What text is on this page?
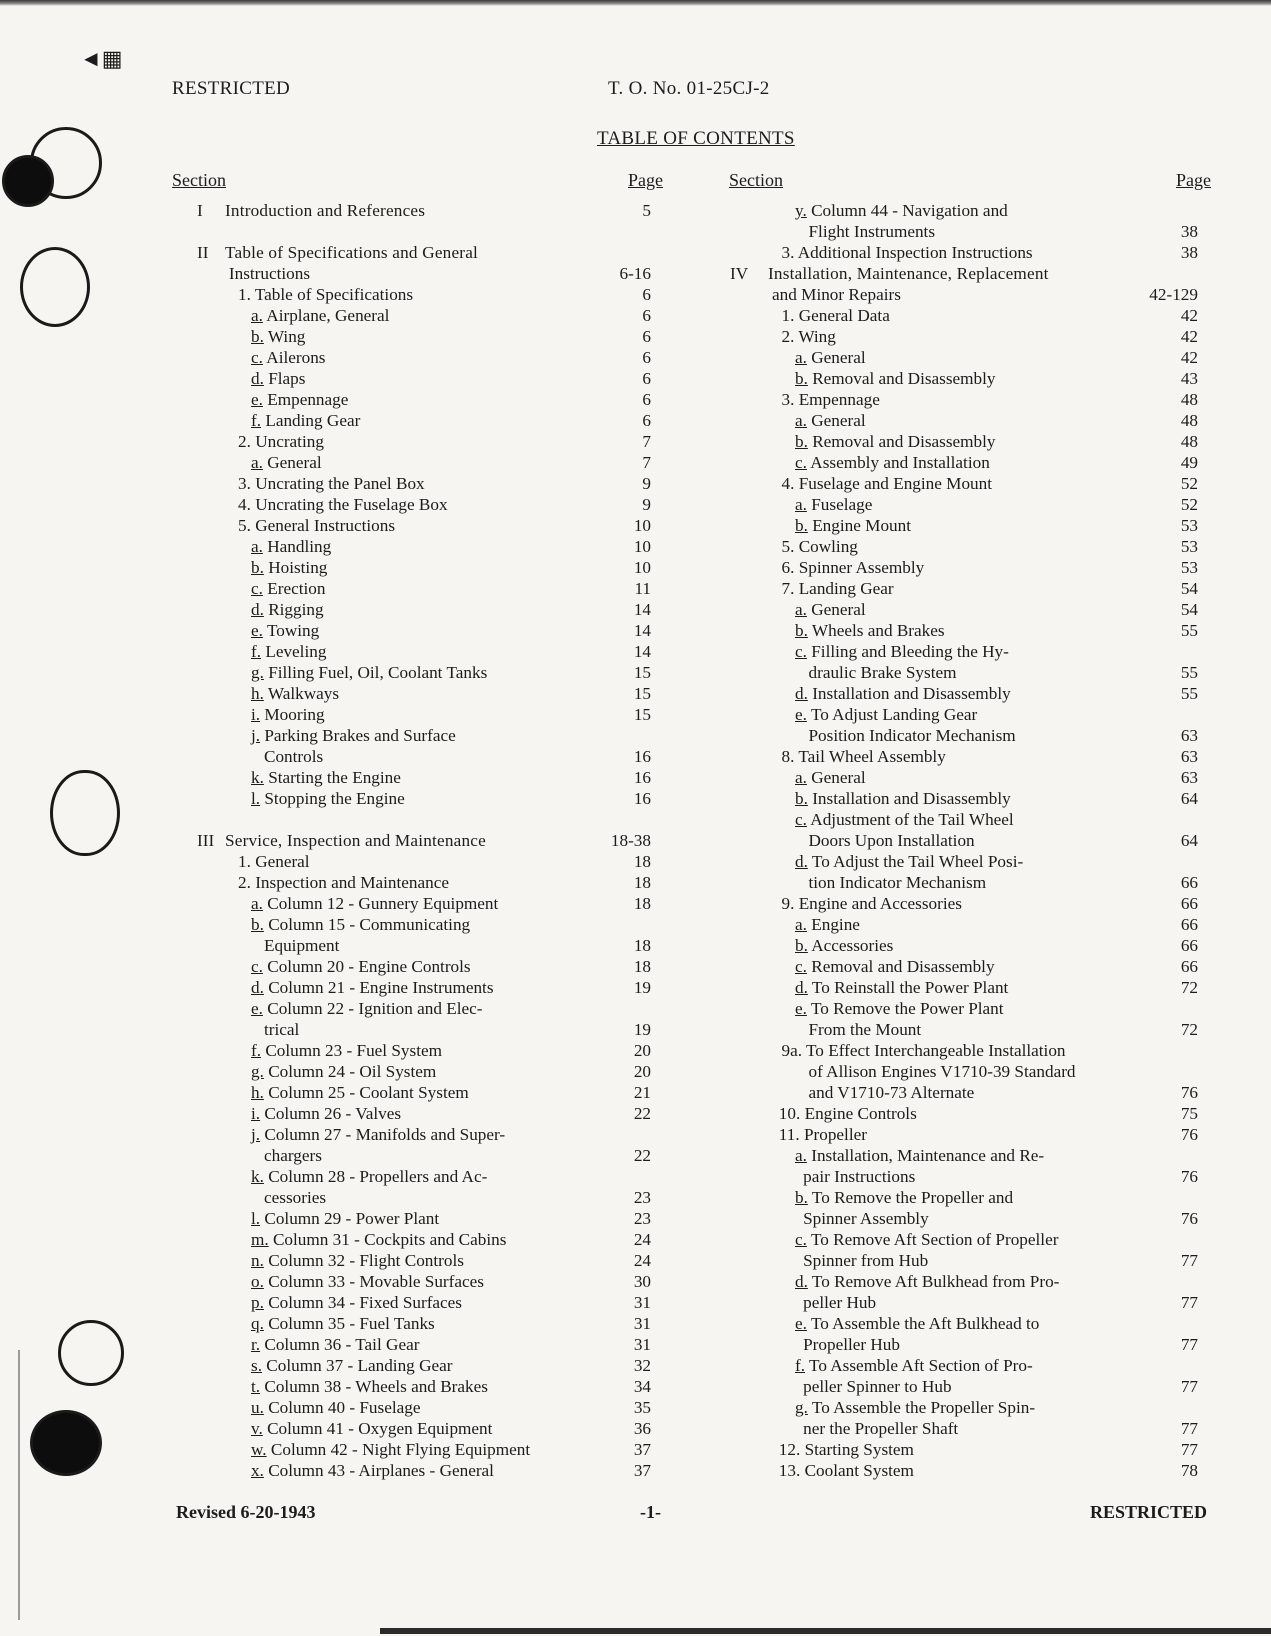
◄▦
RESTRICTED	T. O. No. 01-25CJ-2
TABLE OF CONTENTS
Section	Page	Section	Page
I Introduction and References	5
II Table of Specifications and General
Instructions	6-16
1. Table of Specifications	6
a. Airplane, General	6
b. Wing	6
c. Ailerons	6
d. Flaps	6
e. Empennage	6
f. Landing Gear	6
2. Uncrating	7
a. General	7
3. Uncrating the Panel Box	9
4. Uncrating the Fuselage Box	9
5. General Instructions	10
a. Handling	10
b. Hoisting	10
c. Erection	11
d. Rigging	14
e. Towing	14
f. Leveling	14
g. Filling Fuel, Oil, Coolant Tanks	15
h. Walkways	15
i. Mooring	15
j. Parking Brakes and Surface
Controls	16
k. Starting the Engine	16
l. Stopping the Engine	16
III Service, Inspection and Maintenance	18-38
1. General	18
2. Inspection and Maintenance	18
a. Column 12 - Gunnery Equipment	18
b. Column 15 - Communicating
Equipment	18
c. Column 20 - Engine Controls	18
d. Column 21 - Engine Instruments	19
e. Column 22 - Ignition and Elec-
trical	19
f. Column 23 - Fuel System	20
g. Column 24 - Oil System	20
h. Column 25 - Coolant System	21
i. Column 26 - Valves	22
j. Column 27 - Manifolds and Super-
chargers	22
k. Column 28 - Propellers and Ac-
cessories	23
l. Column 29 - Power Plant	23
m. Column 31 - Cockpits and Cabins	24
n. Column 32 - Flight Controls	24
o. Column 33 - Movable Surfaces	30
p. Column 34 - Fixed Surfaces	31
q. Column 35 - Fuel Tanks	31
r. Column 36 - Tail Gear	31
s. Column 37 - Landing Gear	32
t. Column 38 - Wheels and Brakes	34
u. Column 40 - Fuselage	35
v. Column 41 - Oxygen Equipment	36
w. Column 42 - Night Flying Equipment	37
x. Column 43 - Airplanes - General	37
y. Column 44 - Navigation and
Flight Instruments	38
3. Additional Inspection Instructions	38
IV Installation, Maintenance, Replacement
and Minor Repairs	42-129
1. General Data	42
2. Wing	42
a. General	42
b. Removal and Disassembly	43
3. Empennage	48
a. General	48
b. Removal and Disassembly	48
c. Assembly and Installation	49
4. Fuselage and Engine Mount	52
a. Fuselage	52
b. Engine Mount	53
5. Cowling	53
6. Spinner Assembly	53
7. Landing Gear	54
a. General	54
b. Wheels and Brakes	55
c. Filling and Bleeding the Hy-
draulic Brake System	55
d. Installation and Disassembly	55
e. To Adjust Landing Gear
Position Indicator Mechanism	63
8. Tail Wheel Assembly	63
a. General	63
b. Installation and Disassembly	64
c. Adjustment of the Tail Wheel
Doors Upon Installation	64
d. To Adjust the Tail Wheel Posi-
tion Indicator Mechanism	66
9. Engine and Accessories	66
a. Engine	66
b. Accessories	66
c. Removal and Disassembly	66
d. To Reinstall the Power Plant	72
e. To Remove the Power Plant
From the Mount	72
9a. To Effect Interchangeable Installation
of Allison Engines V1710-39 Standard
and V1710-73 Alternate	76
10. Engine Controls	75
11. Propeller	76
a. Installation, Maintenance and Re-
pair Instructions	76
b. To Remove the Propeller and
Spinner Assembly	76
c. To Remove Aft Section of Propeller
Spinner from Hub	77
d. To Remove Aft Bulkhead from Pro-
peller Hub	77
e. To Assemble the Aft Bulkhead to
Propeller Hub	77
f. To Assemble Aft Section of Pro-
peller Spinner to Hub	77
g. To Assemble the Propeller Spin-
ner the Propeller Shaft	77
12. Starting System	77
13. Coolant System	78
Revised 6-20-1943	-1-	RESTRICTED
